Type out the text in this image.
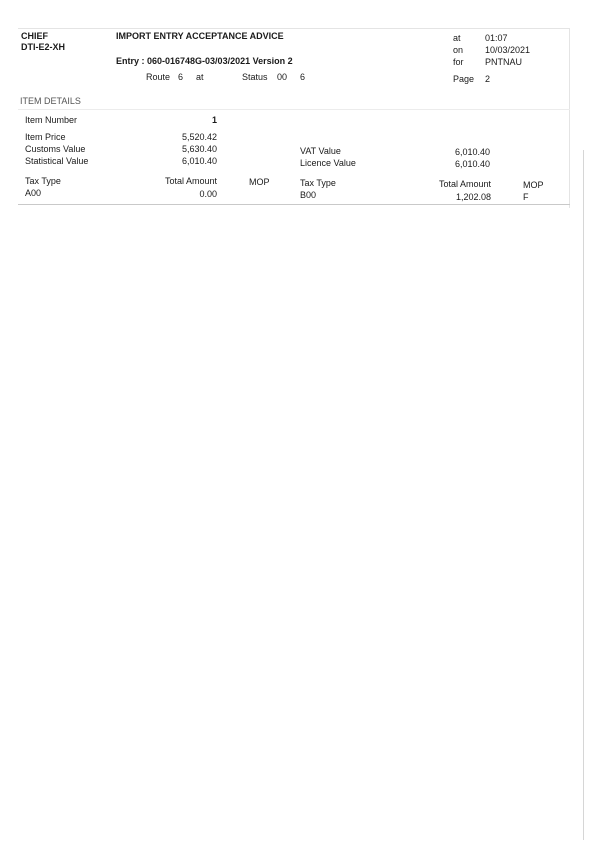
CHIEF
DTI-E2-XH
IMPORT ENTRY ACCEPTANCE ADVICE
Entry : 060-016748G-03/03/2021 Version 2
Route 6 at	Status 00 6
at	01:07
on 10/03/2021
for PNTNAU
Page 2
ITEM DETAILS
Item Number	1
Item Price	5,520.42
Customs Value	5,630.40
Statistical Value	6,010.40
VAT Value	6,010.40
Licence Value	6,010.40
Tax Type	Total Amount	MOP
A00	0.00
Tax Type	Total Amount	MOP
B00	1,202.08	F
